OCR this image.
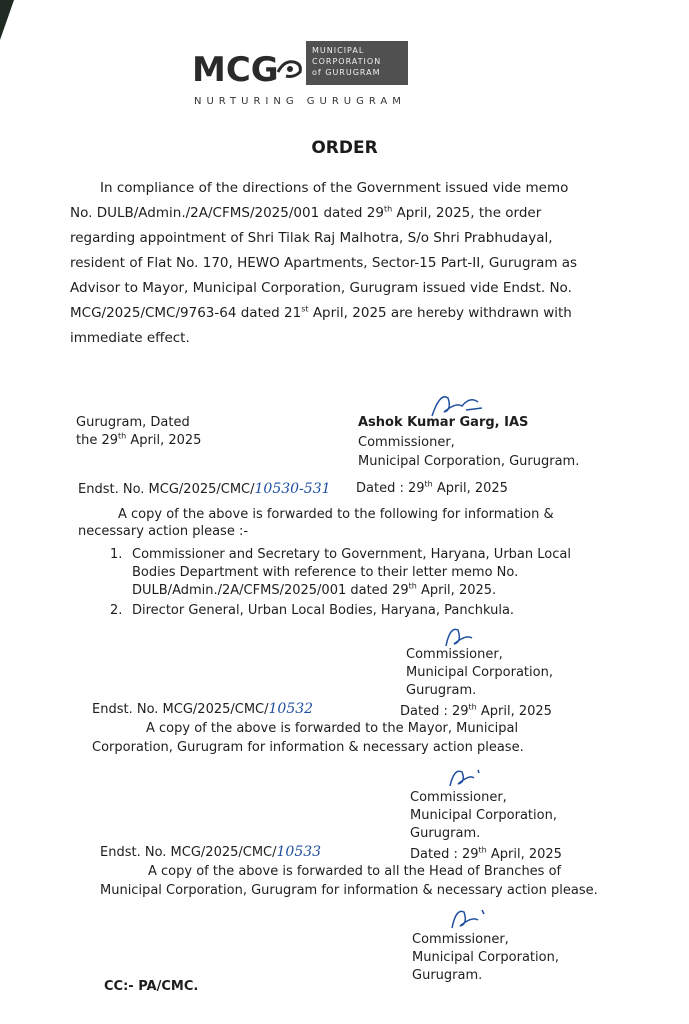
MCG	MUNICIPAL
CORPORATION
of GURUGRAM
NURTURING GURUGRAM
ORDER

In compliance of the directions of the Government issued vide memo

No. DULB/Admin./2A/CFMS/2025/001 dated 29th April, 2025, the order

regarding appointment of Shri Tilak Raj Malhotra, S/o Shri Prabhudayal,

resident of Flat No. 170, HEWO Apartments, Sector-15 Part-II, Gurugram as

Advisor to Mayor, Municipal Corporation, Gurugram issued vide Endst. No.

MCG/2025/CMC/9763-64 dated 21st April, 2025 are hereby withdrawn with

immediate effect.

Gurugram, Dated
the 29th April, 2025
Ashok Kumar Garg, IAS
Commissioner,
Municipal Corporation, Gurugram.
Endst. No. MCG/2025/CMC/10530-531 Dated : 29th April, 2025
A copy of the above is forwarded to the following for information &
necessary action please :-
1. Commissioner and Secretary to Government, Haryana, Urban Local
Bodies Department with reference to their letter memo No.
DULB/Admin./2A/CFMS/2025/001 dated 29th April, 2025.
2. Director General, Urban Local Bodies, Haryana, Panchkula.
Commissioner,
Municipal Corporation,
Gurugram.
Endst. No. MCG/2025/CMC/10532	Dated : 29th April, 2025
A copy of the above is forwarded to the Mayor, Municipal
Corporation, Gurugram for information & necessary action please.
Commissioner,
Municipal Corporation,
Gurugram.
Endst. No. MCG/2025/CMC/10533	Dated : 29th April, 2025
A copy of the above is forwarded to all the Head of Branches of
Municipal Corporation, Gurugram for information & necessary action please.
Commissioner,
Municipal Corporation,
Gurugram.
CC:- PA/CMC.
